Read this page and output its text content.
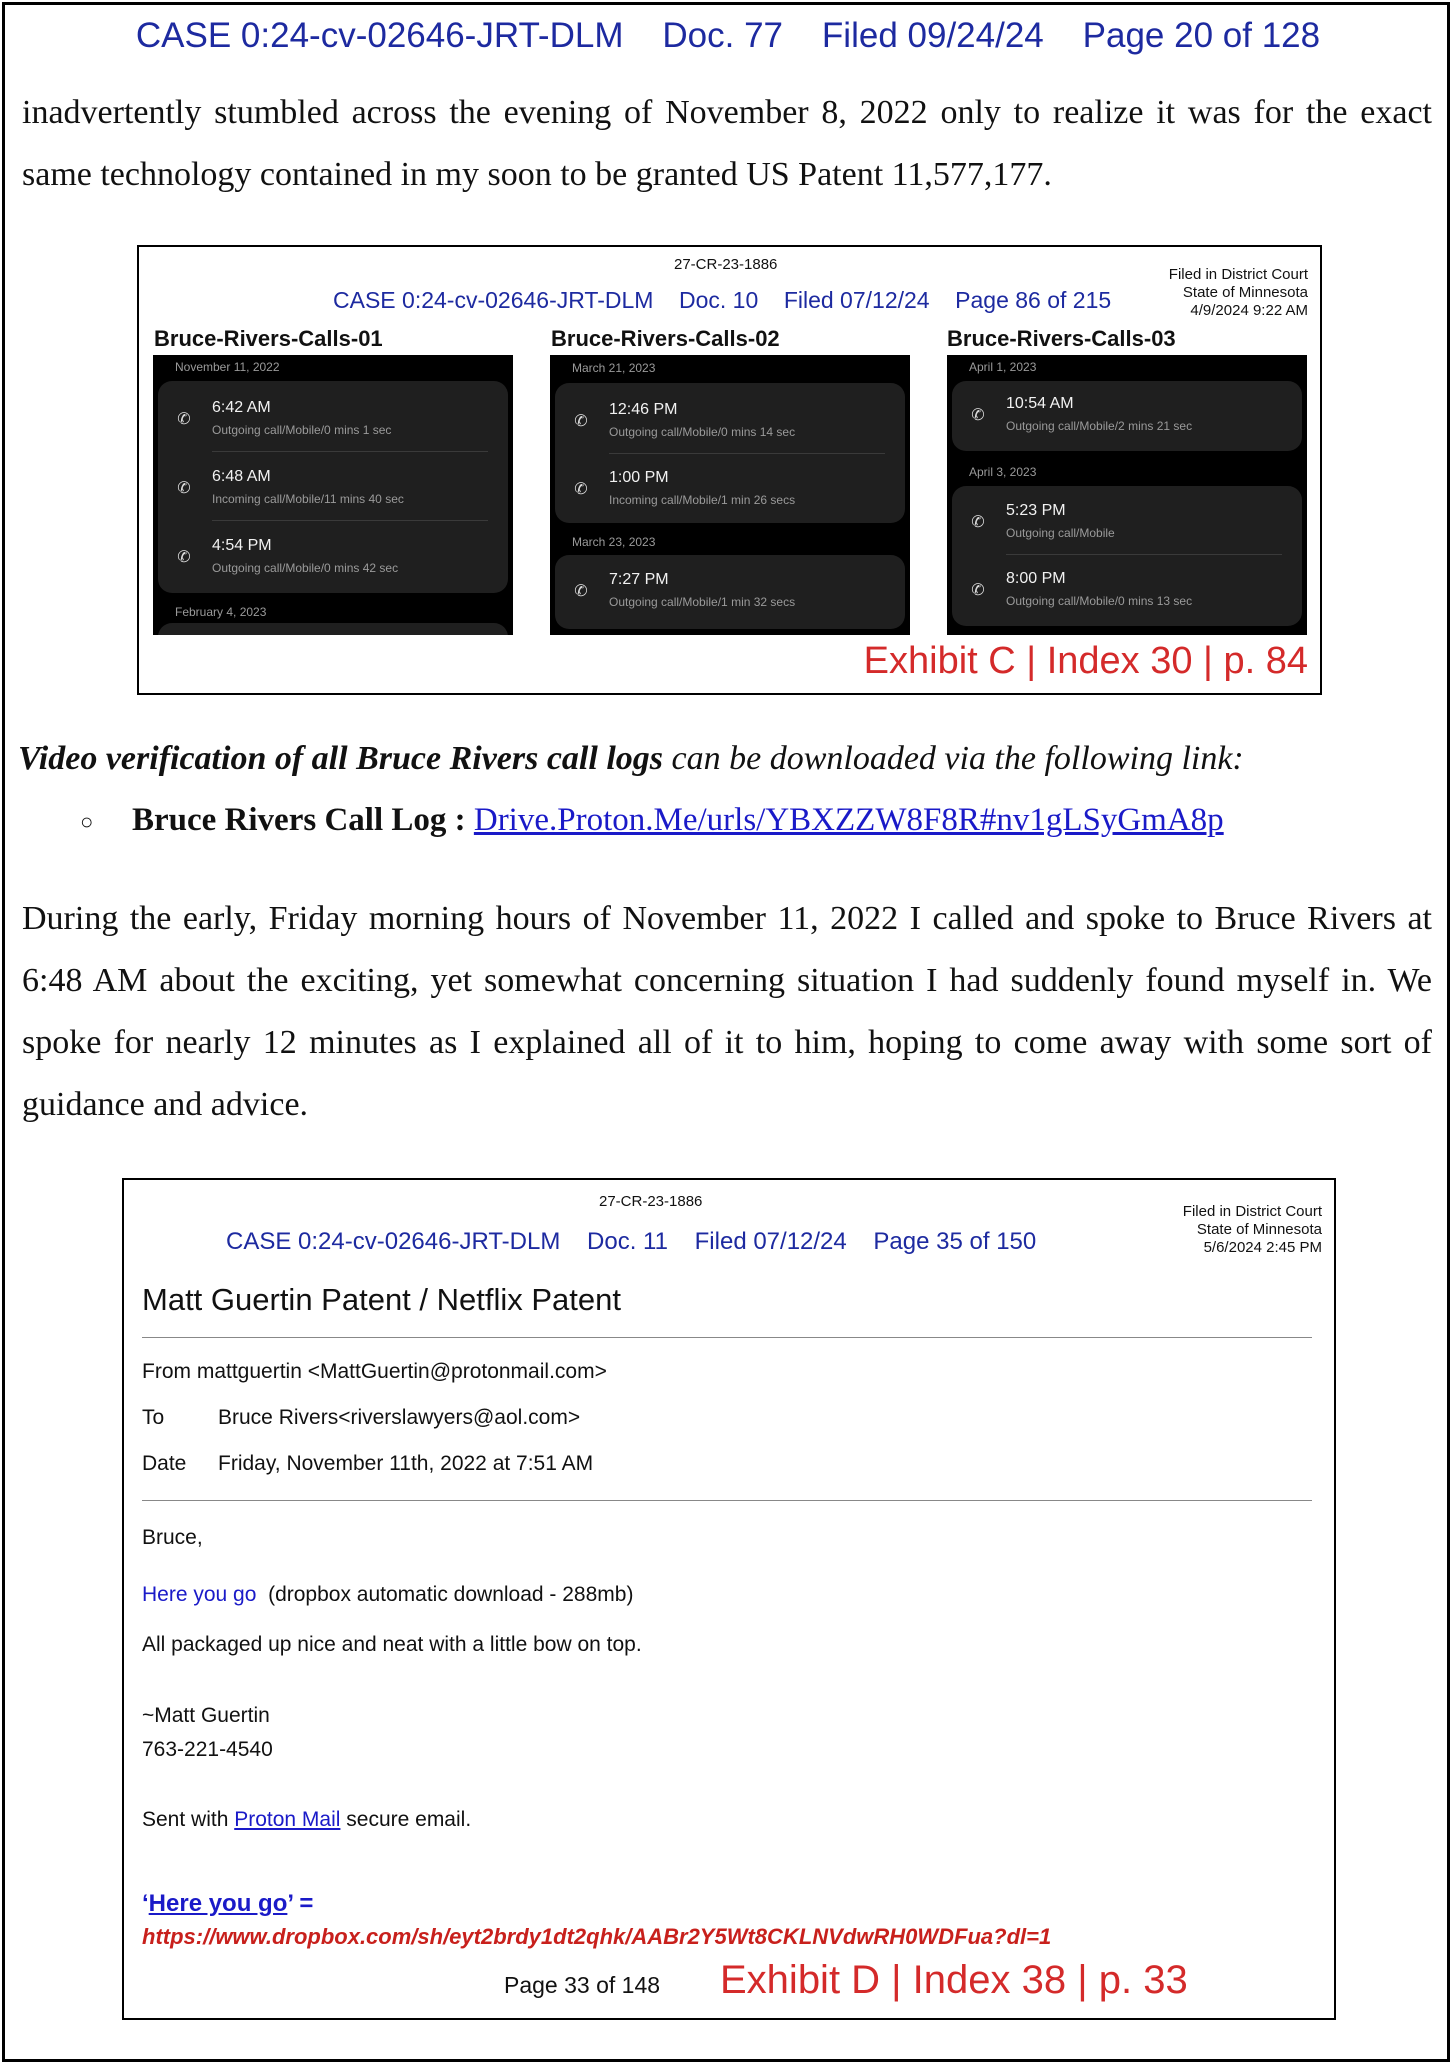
CASE 0:24-cv-02646-JRT-DLM Doc. 77 Filed 09/24/24 Page 20 of 128

inadvertently stumbled across the evening of November 8, 2022 only to realize it was for the exact same technology contained in my soon to be granted US Patent 11,577,177.

27-CR-23-1886
Filed in District Court
State of Minnesota
4/9/2024 9:22 AM
CASE 0:24-cv-02646-JRT-DLM Doc. 10 Filed 07/12/24 Page 86 of 215
Bruce-Rivers-Calls-01	Bruce-Rivers-Calls-02	Bruce-Rivers-Calls-03
November 11, 2022
✆
6:42 AM
Outgoing call/Mobile/0 mins 1 sec
✆
6:48 AM
Incoming call/Mobile/11 mins 40 sec
✆
4:54 PM
Outgoing call/Mobile/0 mins 42 sec
February 4, 2023
March 21, 2023
✆
12:46 PM
Outgoing call/Mobile/0 mins 14 sec
✆
1:00 PM
Incoming call/Mobile/1 min 26 secs
March 23, 2023
✆
7:27 PM
Outgoing call/Mobile/1 min 32 secs
April 1, 2023
✆
10:54 AM
Outgoing call/Mobile/2 mins 21 sec
April 3, 2023
✆
5:23 PM
Outgoing call/Mobile
✆
8:00 PM
Outgoing call/Mobile/0 mins 13 sec
Exhibit C | Index 30 | p. 84
Video verification of all Bruce Rivers call logs can be downloaded via the following link:
○ Bruce Rivers Call Log : Drive.Proton.Me/urls/YBXZZW8F8R#nv1gLSyGmA8p

During the early, Friday morning hours of November 11, 2022 I called and spoke to Bruce Rivers at 6:48 AM about the exciting, yet somewhat concerning situation I had suddenly found myself in. We spoke for nearly 12 minutes as I explained all of it to him, hoping to come away with some sort of guidance and advice.

27-CR-23-1886
Filed in District Court
State of Minnesota
5/6/2024 2:45 PM
CASE 0:24-cv-02646-JRT-DLM Doc. 11 Filed 07/12/24 Page 35 of 150
Matt Guertin Patent / Netflix Patent
From mattguertin <MattGuertin@protonmail.com>
To	Bruce Rivers<riverslawyers@aol.com>
Date Friday, November 11th, 2022 at 7:51 AM
Bruce,
Here you go  (dropbox automatic download - 288mb)
All packaged up nice and neat with a little bow on top.
~Matt Guertin
763-221-4540
Sent with Proton Mail secure email.
‘Here you go’ =
https://www.dropbox.com/sh/eyt2brdy1dt2qhk/AABr2Y5Wt8CKLNVdwRH0WDFua?dl=1
Page 33 of 148 Exhibit D | Index 38 | p. 33
